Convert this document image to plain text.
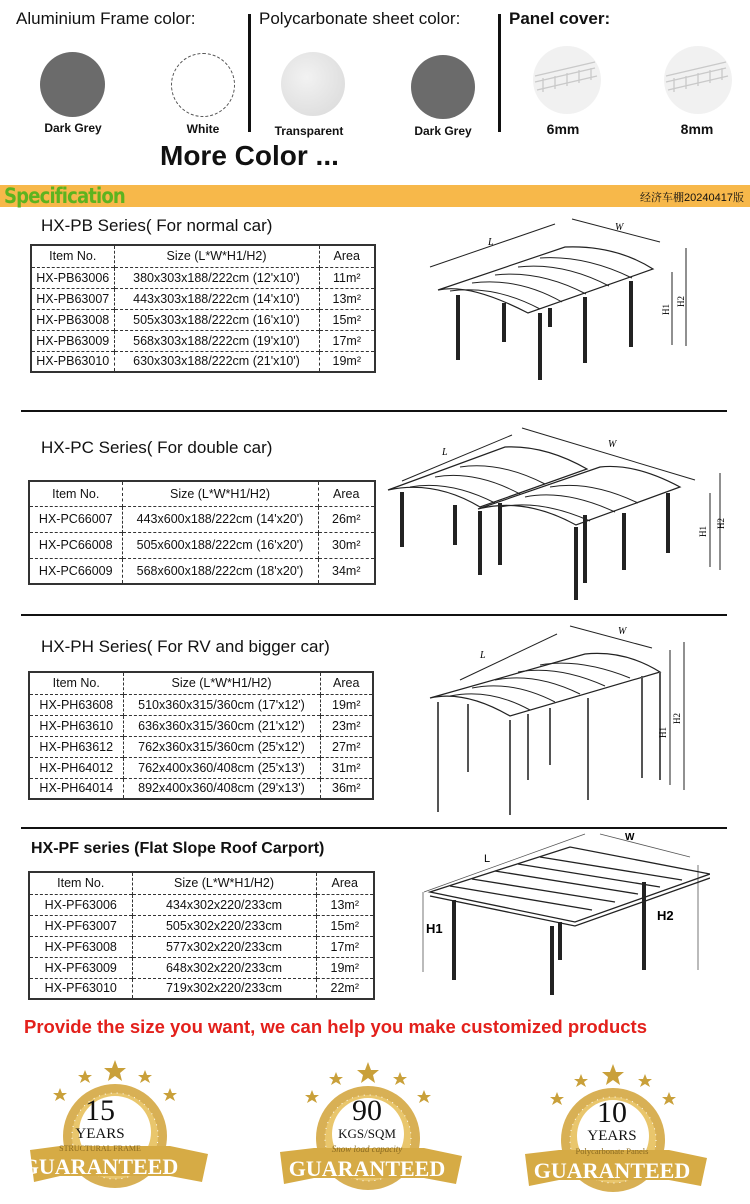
Aluminium Frame color:	Polycarbonate sheet color:	Panel cover:
Dark Grey	White	Transparent	Dark Grey	6mm	8mm
More Color ...
Specification	经济车棚20240417版
HX-PB Series( For normal car)
Item No.	Size (L*W*H1/H2)	Area
HX-PB63006	380x303x188/222cm (12'x10')	11m²
HX-PB63007	443x303x188/222cm (14'x10')	13m²
HX-PB63008	505x303x188/222cm (16'x10')	15m²
HX-PB63009	568x303x188/222cm (19'x10')	17m²
HX-PB63010	630x303x188/222cm (21'x10')	19m²
L
W
H1
H2
HX-PC Series( For double car)
Item No.	Size (L*W*H1/H2)	Area
HX-PC66007	443x600x188/222cm (14'x20')	26m²
HX-PC66008	505x600x188/222cm (16'x20')	30m²
HX-PC66009	568x600x188/222cm (18'x20')	34m²
L
W
H1
H2
HX-PH Series( For RV and bigger car)
Item No.	Size (L*W*H1/H2)	Area
HX-PH63608	510x360x315/360cm (17'x12')	19m²
HX-PH63610	636x360x315/360cm (21'x12')	23m²
HX-PH63612	762x360x315/360cm (25'x12')	27m²
HX-PH64012	762x400x360/408cm (25'x13')	31m²
HX-PH64014	892x400x360/408cm (29'x13')	36m²
L
W
H1
H2
HX-PF series (Flat Slope Roof Carport)
Item No.	Size (L*W*H1/H2)	Area
HX-PF63006	434x302x220/233cm	13m²
HX-PF63007	505x302x220/233cm	15m²
HX-PF63008	577x302x220/233cm	17m²
HX-PF63009	648x302x220/233cm	19m²
HX-PF63010	719x302x220/233cm	22m²
L
W
H1
H2
Provide the size you want, we can help you make customized products
15
YEARS
STRUCTURAL FRAME
GUARANTEED
90
KGS/SQM
Snow load capacity
GUARANTEED
10
YEARS
Polycarbonate Panels
GUARANTEED
